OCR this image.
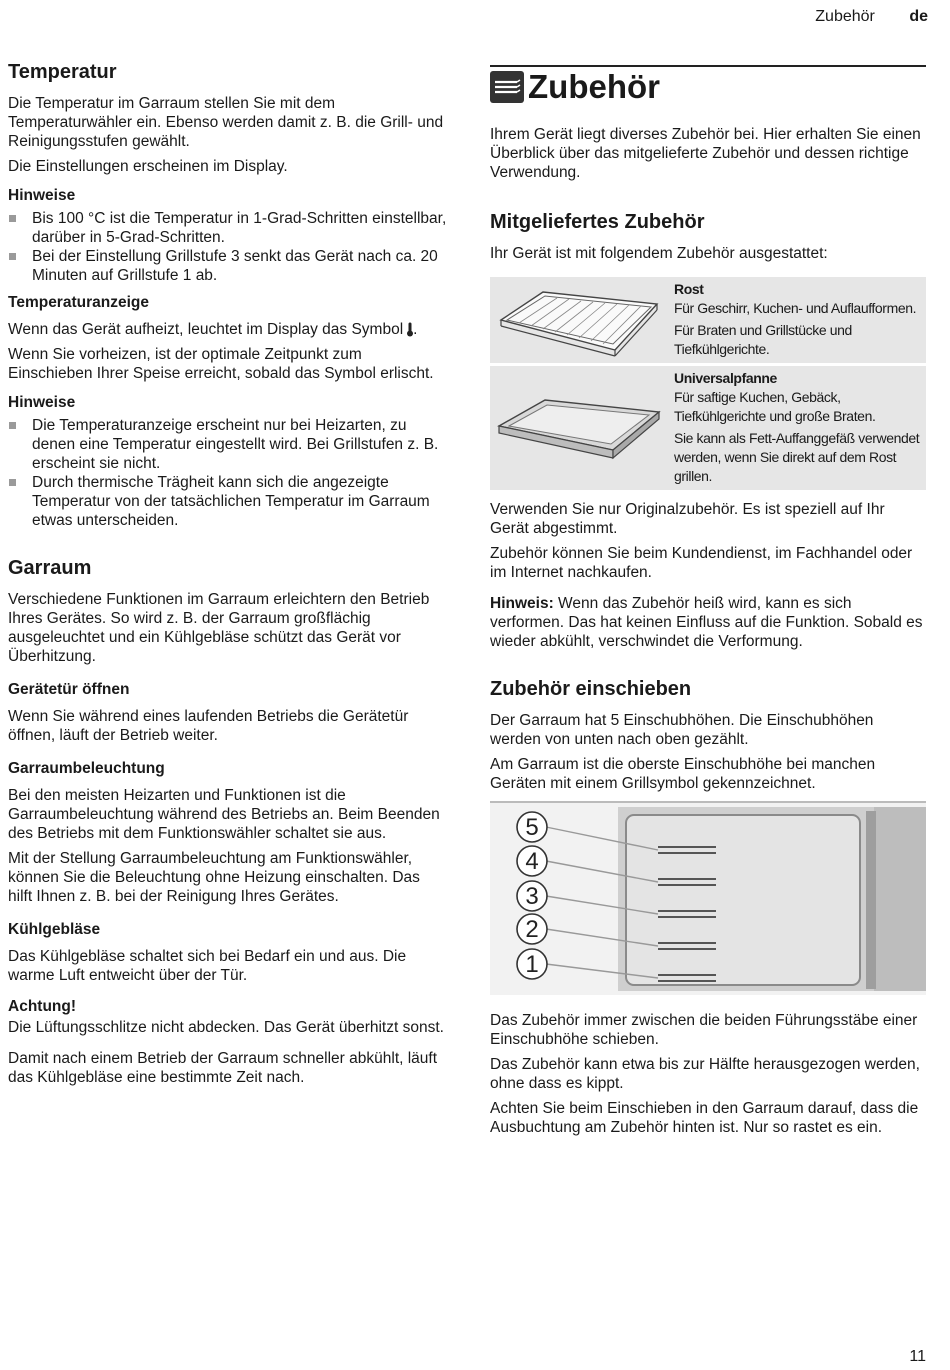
Zubehör de
Temperatur

Die Temperatur im Garraum stellen Sie mit dem Temperaturwähler ein. Ebenso werden damit z. B. die Grill- und Reinigungsstufen gewählt.

Die Einstellungen erscheinen im Display.

Hinweise
Bis 100 °C ist die Temperatur in 1-Grad-Schritten einstellbar, darüber in 5-Grad-Schritten.
Bei der Einstellung Grillstufe 3 senkt das Gerät nach ca. 20 Minuten auf Grillstufe 1 ab.
Temperaturanzeige

Wenn das Gerät aufheizt, leuchtet im Display das Symbol .

Wenn Sie vorheizen, ist der optimale Zeitpunkt zum Einschieben Ihrer Speise erreicht, sobald das Symbol erlischt.

Hinweise
Die Temperaturanzeige erscheint nur bei Heizarten, zu denen eine Temperatur eingestellt wird. Bei Grillstufen z. B. erscheint sie nicht.
Durch thermische Trägheit kann sich die angezeigte Temperatur von der tatsächlichen Temperatur im Garraum etwas unterscheiden.
Garraum

Verschiedene Funktionen im Garraum erleichtern den Betrieb Ihres Gerätes. So wird z. B. der Garraum großflächig ausgeleuchtet und ein Kühlgebläse schützt das Gerät vor Überhitzung.

Gerätetür öffnen

Wenn Sie während eines laufenden Betriebs die Gerätetür öffnen, läuft der Betrieb weiter.

Garraumbeleuchtung

Bei den meisten Heizarten und Funktionen ist die Garraumbeleuchtung während des Betriebs an. Beim Beenden des Betriebs mit dem Funktionswähler schaltet sie aus.

Mit der Stellung Garraumbeleuchtung am Funktionswähler, können Sie die Beleuchtung ohne Heizung einschalten. Das hilft Ihnen z. B. bei der Reinigung Ihres Gerätes.

Kühlgebläse

Das Kühlgebläse schaltet sich bei Bedarf ein und aus. Die warme Luft entweicht über der Tür.

Achtung!

Die Lüftungsschlitze nicht abdecken. Das Gerät überhitzt sonst.

Damit nach einem Betrieb der Garraum schneller abkühlt, läuft das Kühlgebläse eine bestimmte Zeit nach.

Zubehör

Ihrem Gerät liegt diverses Zubehör bei. Hier erhalten Sie einen Überblick über das mitgelieferte Zubehör und dessen richtige Verwendung.

Mitgeliefertes Zubehör

Ihr Gerät ist mit folgendem Zubehör ausgestattet:

Rost
Für Geschirr, Kuchen- und Auflaufformen.
Für Braten und Grillstücke und Tiefkühlgerichte.
Universalpfanne
Für saftige Kuchen, Gebäck, Tiefkühlgerichte und große Braten.
Sie kann als Fett-Auffanggefäß verwendet werden, wenn Sie direkt auf dem Rost grillen.

Verwenden Sie nur Originalzubehör. Es ist speziell auf Ihr Gerät abgestimmt.

Zubehör können Sie beim Kundendienst, im Fachhandel oder im Internet nachkaufen.

Hinweis: Wenn das Zubehör heiß wird, kann es sich verformen. Das hat keinen Einfluss auf die Funktion. Sobald es wieder abkühlt, verschwindet die Verformung.

Zubehör einschieben

Der Garraum hat 5 Einschubhöhen. Die Einschubhöhen werden von unten nach oben gezählt.

Am Garraum ist die oberste Einschubhöhe bei manchen Geräten mit einem Grillsymbol gekennzeichnet.

5
4
3
2
1

Das Zubehör immer zwischen die beiden Führungsstäbe einer Einschubhöhe schieben.

Das Zubehör kann etwa bis zur Hälfte herausgezogen werden, ohne dass es kippt.

Achten Sie beim Einschieben in den Garraum darauf, dass die Ausbuchtung am Zubehör hinten ist. Nur so rastet es ein.

11
